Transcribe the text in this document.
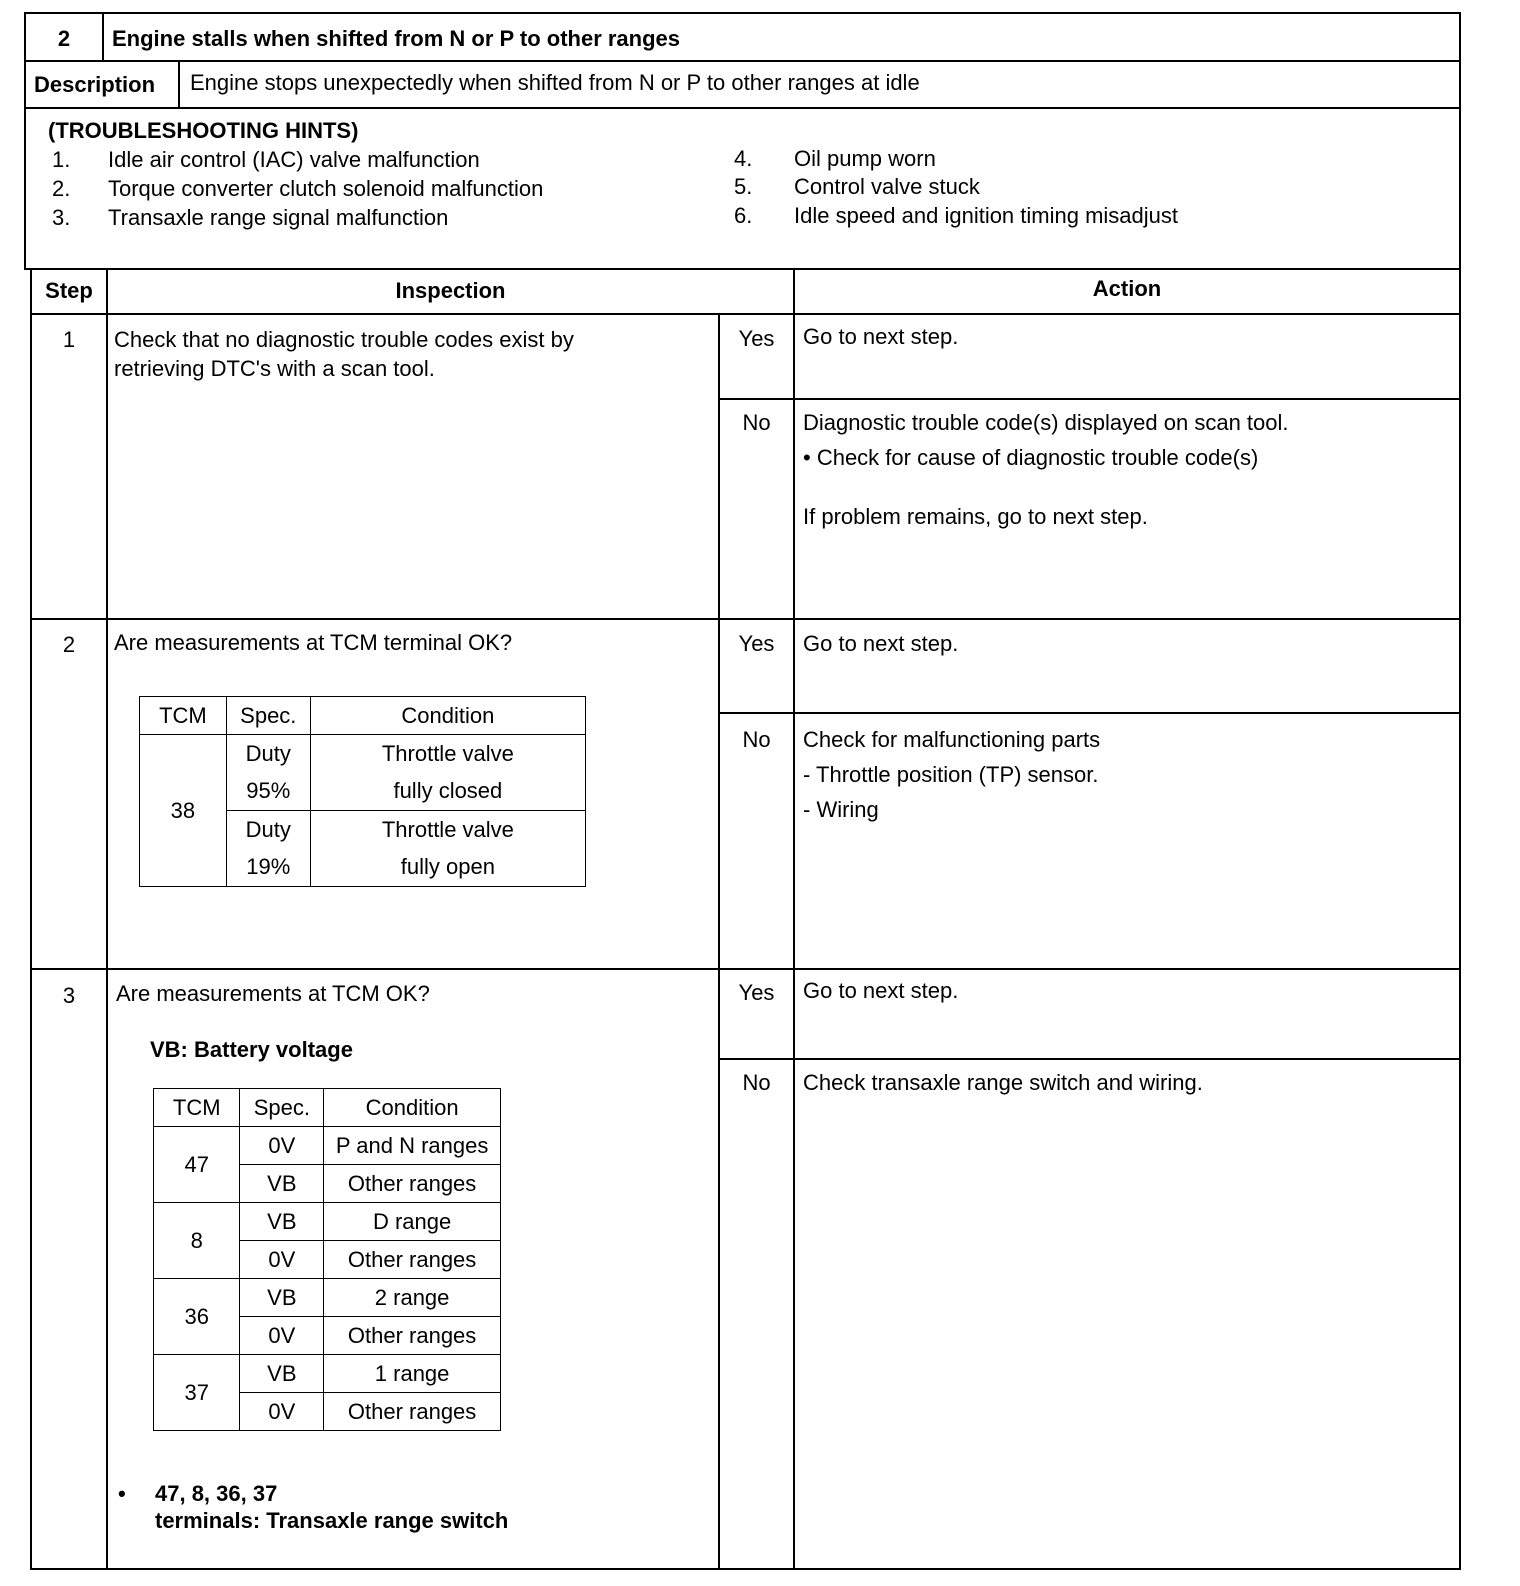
2	Engine stalls when shifted from N or P to other ranges
Description Engine stops unexpectedly when shifted from N or P to other ranges at idle
(TROUBLESHOOTING HINTS)
1. Idle air control (IAC) valve malfunction
2. Torque converter clutch solenoid malfunction
3. Transaxle range signal malfunction
4. Oil pump worn
5. Control valve stuck
6. Idle speed and ignition timing misadjust
Step	Inspection	Action
1	Check that no diagnostic trouble codes exist by
retrieving DTC's with a scan tool.
Yes	Go to next step.
No	Diagnostic trouble code(s) displayed on scan tool.
• Check for cause of diagnostic trouble code(s)
If problem remains, go to next step.
2	Are measurements at TCM terminal OK?
TCM	Spec.	Condition
38	Duty	Throttle valve
	95%	fully closed
	Duty	Throttle valve
	19%	fully open
Yes	Go to next step.
No	Check for malfunctioning parts
- Throttle position (TP) sensor.
- Wiring
3	Are measurements at TCM OK?
VB: Battery voltage
TCM	Spec.	Condition
47	0V	P and N ranges
	VB	Other ranges
8	VB	D range
	0V	Other ranges
36	VB	2 range
	0V	Other ranges
37	VB	1 range
	0V	Other ranges
• 47, 8, 36, 37
terminals: Transaxle range switch
Yes	Go to next step.
No	Check transaxle range switch and wiring.
